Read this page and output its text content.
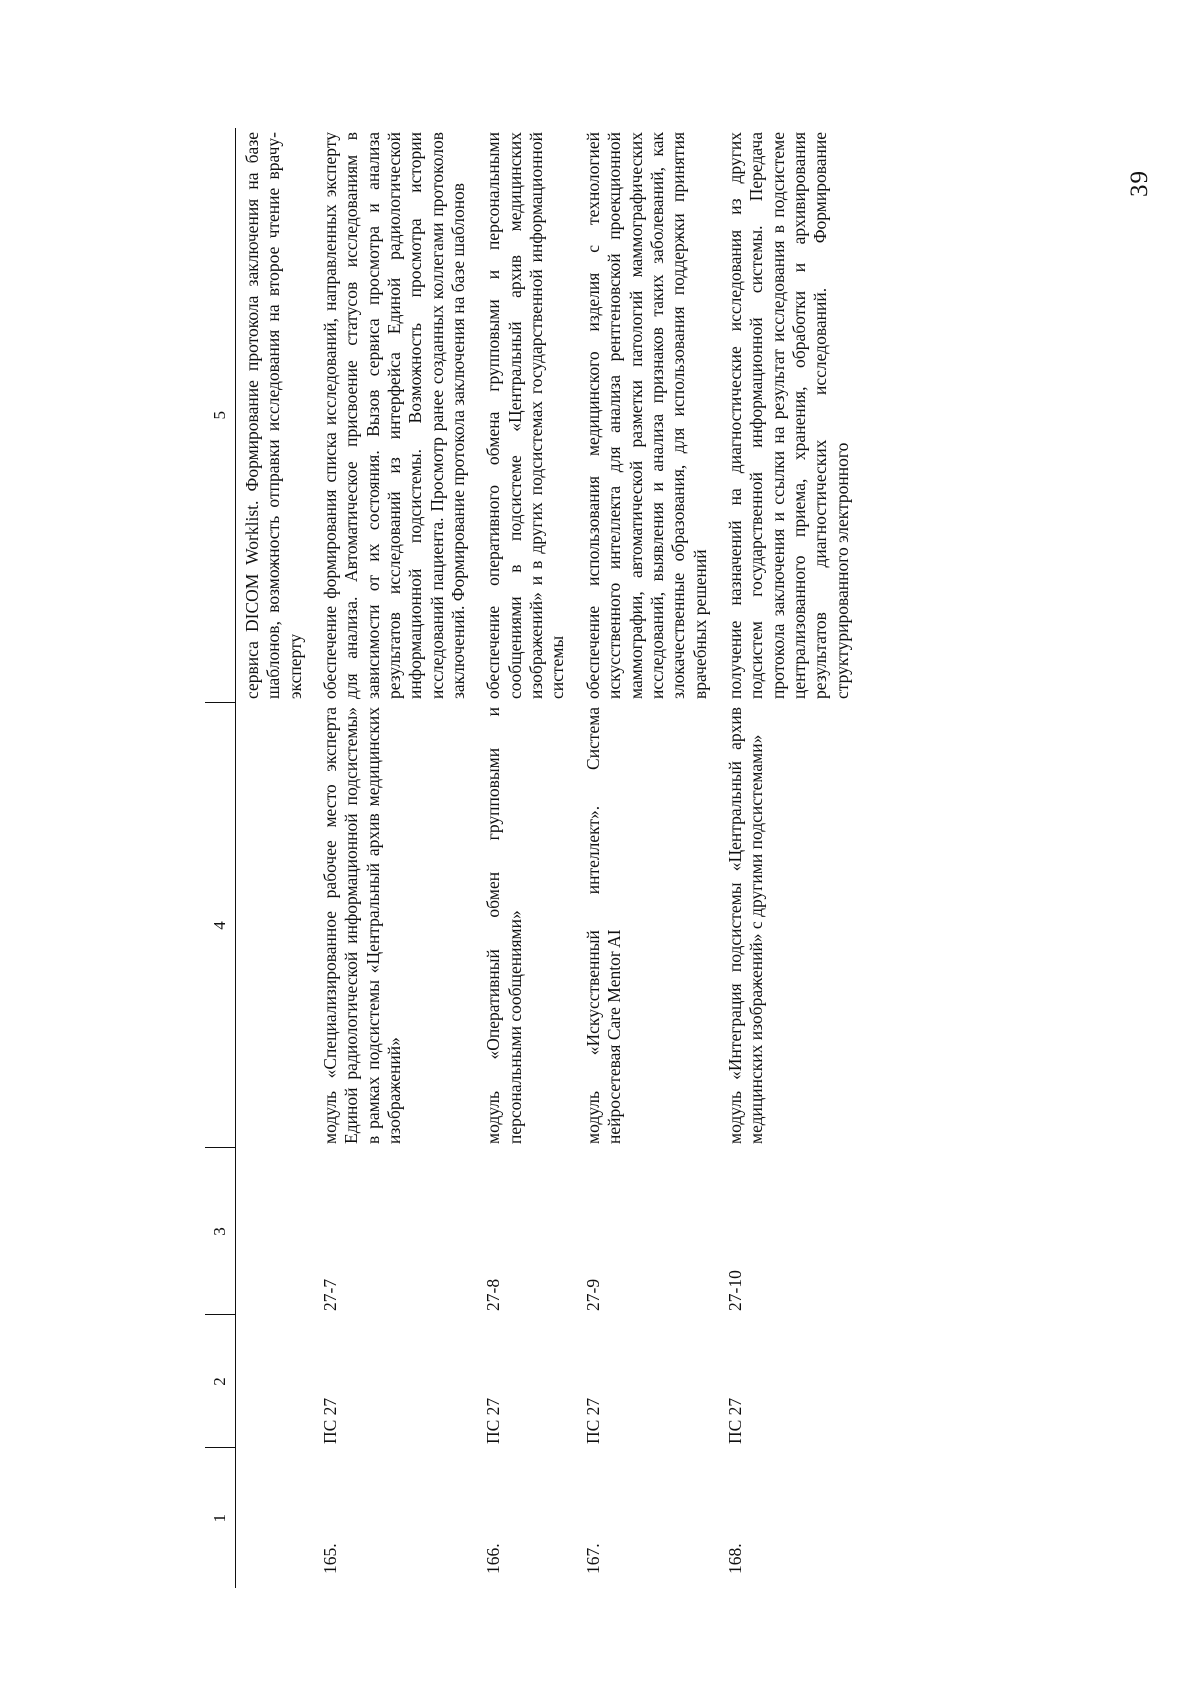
39
1	2	3	4	5
				сервиса DICOM Worklist. Формирование протокола заключения на базе шаблонов, возможность отправки исследования на второе чтение врачу-эксперту
165.	ПС 27	27-7	модуль «Специализированное рабочее место эксперта Единой радиологической информационной подсистемы» в рамках подсистемы «Центральный архив медицинских изображений»	обеспечение формирования списка исследований, направленных эксперту для анализа. Автоматическое присвоение статусов исследованиям в зависимости от их состояния. Вызов сервиса просмотра и анализа результатов исследований из интерфейса Единой радиологической информационной подсистемы. Возможность просмотра истории исследований пациента. Просмотр ранее созданных коллегами протоколов заключений. Формирование протокола заключения на базе шаблонов
166.	ПС 27	27-8	модуль «Оперативный обмен групповыми и персональными сообщениями»	обеспечение оперативного обмена групповыми и персональными сообщениями в подсистеме «Центральный архив медицинских изображений» и в других подсистемах государственной информационной системы
167.	ПС 27	27-9	модуль «Искусственный интеллект». Система нейросетевая Care Mentor AI	обеспечение использования медицинского изделия с технологией искусственного интеллекта для анализа рентгеновской проекционной маммографии, автоматической разметки патологий маммографических исследований, выявления и анализа признаков таких заболеваний, как злокачественные образования, для использования поддержки принятия врачебных решений
168.	ПС 27	27-10	модуль «Интеграция подсистемы «Центральный архив медицинских изображений» с другими подсистемами»	получение назначений на диагностические исследования из других подсистем государственной информационной системы. Передача протокола заключения и ссылки на результат исследования в подсистеме централизованного приема, хранения, обработки и архивирования результатов диагностических исследований. Формирование структурированного электронного
